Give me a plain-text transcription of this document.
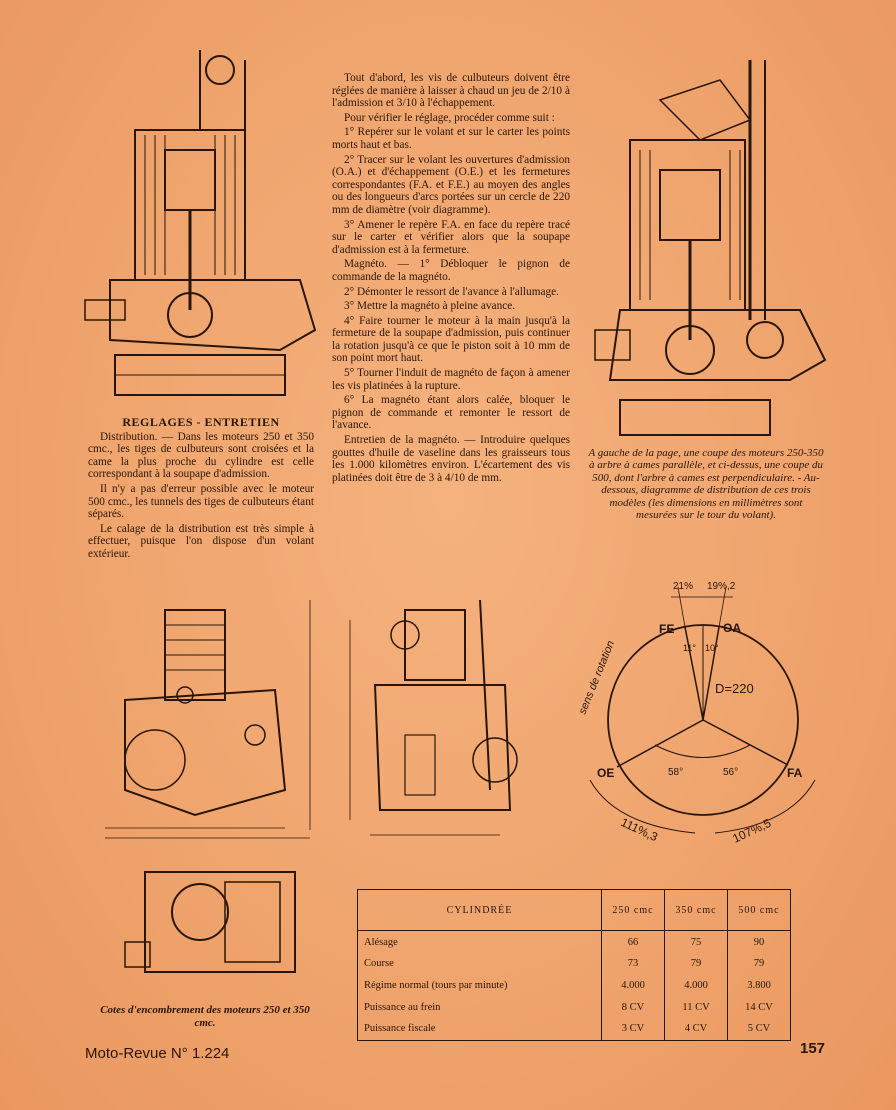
REGLAGES - ENTRETIEN

Distribution. — Dans les moteurs 250 et 350 cmc., les tiges de culbuteurs sont croisées et la came la plus proche du cylindre est celle correspondant à la soupape d'admission.

Il n'y a pas d'erreur possible avec le moteur 500 cmc., les tunnels des tiges de culbuteurs étant séparés.

Le calage de la distribution est très simple à effectuer, puisque l'on dispose d'un volant extérieur.

Tout d'abord, les vis de culbuteurs doivent être réglées de manière à laisser à chaud un jeu de 2/10 à l'admission et 3/10 à l'échappement.

Pour vérifier le réglage, procéder comme suit :

1° Repérer sur le volant et sur le carter les points morts haut et bas.

2° Tracer sur le volant les ouvertures d'admission (O.A.) et d'échappement (O.E.) et les fermetures correspondantes (F.A. et F.E.) au moyen des angles ou des longueurs d'arcs portées sur un cercle de 220 mm de diamètre (voir diagramme).

3° Amener le repère F.A. en face du repère tracé sur le carter et vérifier alors que la soupape d'admission est à la fermeture.

Magnéto. — 1° Débloquer le pignon de commande de la magnéto.

2° Démonter le ressort de l'avance à l'allumage.

3° Mettre la magnéto à pleine avance.

4° Faire tourner le moteur à la main jusqu'à la fermeture de la soupape d'admission, puis continuer la rotation jusqu'à ce que le piston soit à 10 mm de son point mort haut.

5° Tourner l'induit de magnéto de façon à amener les vis platinées à la rupture.

6° La magnéto étant alors calée, bloquer le pignon de commande et remonter le ressort de l'avance.

Entretien de la magnéto. — Introduire quelques gouttes d'huile de vaseline dans les graisseurs tous les 1.000 kilomètres environ. L'écartement des vis platinées doit être de 3 à 4/10 de mm.

A gauche de la page, une coupe des moteurs 250-350 à arbre à cames parallèle, et ci-dessus, une coupe du 500, dont l'arbre à cames est perpendiculaire. - Au-dessous, diagramme de distribution de ces trois modèles (les dimensions en millimètres sont mesurées sur le tour du volant).
Cotes d'encombrement des moteurs 250 et 350 cmc.
21% 19%,2
FE	OA
11° 10°
D=220
sens de rotation
OE	FA
58°	56°
111%,3	107%,5
CYLINDRÉE	250 cmc	350 cmc	500 cmc
Alésage	66	75	90
Course	73	79	79
Régime normal (tours par minute)	4.000	4.000	3.800
Puissance au frein	8 CV	11 CV	14 CV
Puissance fiscale	3 CV	4 CV	5 CV
Moto-Revue N° 1.224	157
